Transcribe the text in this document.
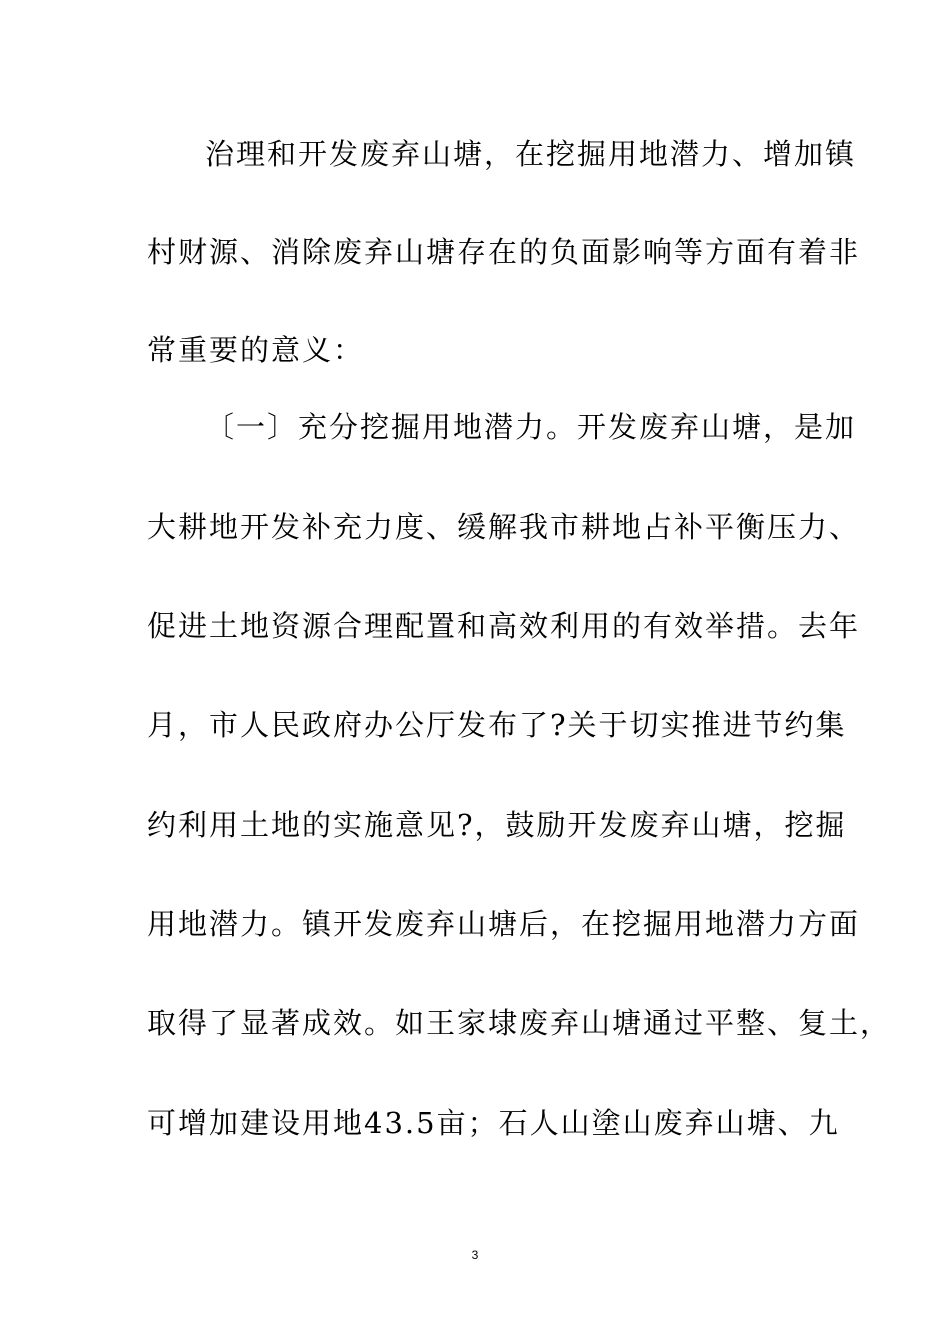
治理和开发废弃山塘，在挖掘用地潜力、增加镇
村财源、消除废弃山塘存在的负面影响等方面有着非
常重要的意义：
〔一〕充分挖掘用地潜力。开发废弃山塘，是加
大耕地开发补充力度、缓解我市耕地占补平衡压力、
促进土地资源合理配置和高效利用的有效举措。去年
月，市人民政府办公厅发布了?关于切实推进节约集
约利用土地的实施意见?，鼓励开发废弃山塘，挖掘
用地潜力。镇开发废弃山塘后，在挖掘用地潜力方面
取得了显著成效。如王家埭废弃山塘通过平整、复土，
可增加建设用地43.5亩；石人山塗山废弃山塘、九
3
